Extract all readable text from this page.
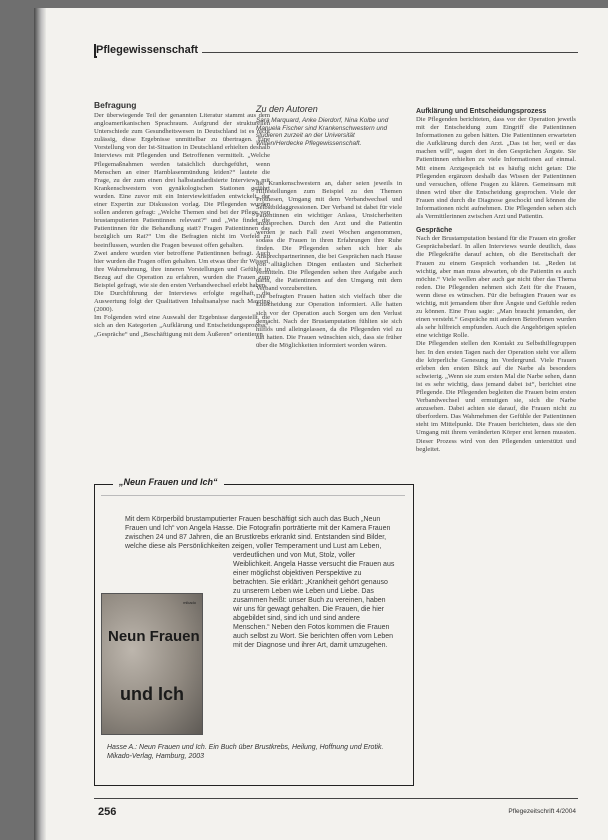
Pflegewissenschaft

Befragung

Der überwiegende Teil der genannten Literatur stammt aus dem angloamerikanischen Sprachraum. Aufgrund der strukturellen Unterschiede zum Gesundheitswesen in Deutschland ist es nicht zulässig, diese Ergebnisse unmittelbar zu übertragen. Eine Vorstellung von der Ist-Situation in Deutschland erhielten deshalb Interviews mit Pflegenden und Betroffenen vermittelt. „Welche Pflegemaßnahmen werden tatsächlich durchgeführt, wenn Menschen an einer Harnblasenmündung leiden?“ lautete die Frage, zu der zum einen drei halbstandardisierte Interviews mit Krankenschwestern von gynäkologischen Stationen geführt wurden. Eine zuvor mit ein Interviewleitfaden entwickelt, der einer Expertin zur Diskussion vorlag. Die Pflegenden wurden sollen anderen gefragt: „Welche Themen sind bei der Pflege von brustamputierten Patientinnen relevant?“ und „Wie findet die Patientinnen für die Behandlung statt? Fragen Patientinnen das bezüglich um Rat?“ Um die Befragten nicht im Vorfeld zu beeinflussen, wurden die Fragen bewusst offen gehalten.
Zwei andere wurden vier betroffene Patientinnen befragt. Auch hier wurden die Fragen offen gehalten. Um etwas über ihr Wissen, ihre Wahrnehmung, ihre inneren Vorstellungen und Gefühle in Bezug auf die Operation zu erfahren, wurden die Frauen zum Beispiel gefragt, wie sie den ersten Verbandwechsel erlebt haben.
Die Durchführung der Interviews erfolgte regelhaft, die Auswertung folgt der Qualitativen Inhaltsanalyse nach Mayring (2000).
Im Folgenden wird eine Auswahl der Ergebnisse dargestellt, die sich an den Kategorien „Aufklärung und Entscheidungsprozess“, „Gespräche“ und „Beschäftigung mit dem Äußeren“ orientieren.

Zu den Autoren

Sara Marquard, Anke Dierdorf, Nina Kolbe und Manuela Fischer sind Krankenschwestern und studieren zurzeit an der Universität Witten/Herdecke Pflegewissenschaft.

die Krankenschwestern an, daher seien jeweils in Hilfestellungen zum Beispiel zu den Themen Prothesen, Umgang mit dem Verbandwechsel und Selbstbildaggressionen. Der Verband ist dabei für viele Patientinnen ein wichtiger Anlass, Unsicherheiten anzusprechen. Durch den Arzt und die Patientin werden je nach Fall zwei Wochen angenommen, sodass die Frauen in ihren Erfahrungen ihre Ruhe finden. Die Pflegenden sehen sich hier als Ansprechpartnerinnen, die bei Gesprächen nach Hause von alltäglichen Dingen entlasten und Sicherheit vermitteln. Die Pflegenden sehen ihre Aufgabe auch darin, die Patientinnen auf den Umgang mit dem Verband vorzubereiten.
Die befragten Frauen hatten sich vielfach über die Entscheidung zur Operation informiert. Alle hatten sich vor der Operation auch Sorgen um den Verlust gemacht. Nach der Brustamputation fühlten sie sich hilflos und alleingelassen, da die Pflegenden viel zu tun hatten. Die Frauen wünschten sich, dass sie früher über die Möglichkeiten informiert worden wären.

Aufklärung und Entscheidungsprozess

Die Pflegenden berichteten, dass vor der Operation jeweils mit der Entscheidung zum Eingriff die Patientinnen Informationen zu geben hätten. Die Patientinnen erwarteten die Aufklärung durch den Arzt. „Das ist her, weil er das machen will“, sagen dort in den Gesprächen Ängste. Sie Patientinnen erhielten zu viele Informationen auf einmal. Mit einem Arztgespräch ist es häufig nicht getan: Die Pflegenden ergänzen deshalb das Wissen der Patientinnen und versuchen, offene Fragen zu klären. Gemeinsam mit ihnen wird über die Entscheidung gesprochen. Viele der Frauen sind durch die Diagnose geschockt und können die Informationen nicht aufnehmen. Die Pflegenden sehen sich als Vermittlerinnen zwischen Arzt und Patientin.

Gespräche

Nach der Brustamputation bestand für die Frauen ein großer Gesprächsbedarf. In allen Interviews wurde deutlich, dass die Pflegekräfte darauf achten, ob die Bereitschaft der Frauen zu einem Gespräch vorhanden ist. „Reden ist wichtig, aber man muss abwarten, ob die Patientin es auch möchte.“ Viele wollen aber auch gar nicht über das Thema reden. Die Pflegenden nehmen sich Zeit für die Frauen, wenn diese es wünschen. Für die befragten Frauen war es wichtig, mit jemandem über ihre Ängste und Gefühle reden zu können. Eine Frau sagte: „Man braucht jemanden, der einen versteht.“ Gespräche mit anderen Betroffenen wurden als sehr hilfreich empfunden. Auch die Angehörigen spielen eine wichtige Rolle.
Die Pflegenden stellen den Kontakt zu Selbsthilfegruppen her. In den ersten Tagen nach der Operation steht vor allem die körperliche Genesung im Vordergrund. Viele Frauen erleben den ersten Blick auf die Narbe als besonders schwierig. „Wenn sie zum ersten Mal die Narbe sehen, dann ist es sehr wichtig, dass jemand dabei ist“, berichtet eine Pflegende. Die Pflegenden begleiten die Frauen beim ersten Verbandwechsel und ermutigen sie, sich die Narbe anzusehen. Dabei achten sie darauf, die Frauen nicht zu überfordern. Das Wahrnehmen der Gefühle der Patientinnen steht im Mittelpunkt. Die Frauen berichteten, dass sie den Umgang mit ihrem veränderten Körper erst lernen mussten. Dieser Prozess wird von den Pflegenden unterstützt und begleitet.

„Neun Frauen und Ich“

Mit dem Körperbild brustamputierter Frauen beschäftigt sich auch das Buch „Neun Frauen und Ich“ von Angela Hasse. Die Fotografin porträtierte mit der Kamera Frauen zwischen 24 und 87 Jahren, die an Brustkrebs erkrankt sind. Entstanden sind Bilder, welche diese als Persönlichkeiten zeigen, voller Temperament und Lust am Leben,
verdeutlichen und von Mut, Stolz, voller Weiblichkeit. Angela Hasse versucht die Frauen aus einer möglichst objektiven Perspektive zu betrachten. Sie erklärt: „Krankheit gehört genauso zu unserem Leben wie Leben und Liebe. Das zusammen heißt: unser Buch zu vereinen, haben wir uns für gewagt gehalten. Die Frauen, die hier abgebildet sind, sind ich und sind andere Menschen.“ Neben den Fotos kommen die Frauen auch selbst zu Wort. Sie berichten offen vom Leben mit der Diagnose und ihrer Art, damit umzugehen.

mikado
Neun Frauen
und Ich

Hasse A.: Neun Frauen und Ich. Ein Buch über Brustkrebs, Heilung, Hoffnung und Erotik. Mikado-Verlag, Hamburg, 2003

256	Pflegezeitschrift 4/2004
